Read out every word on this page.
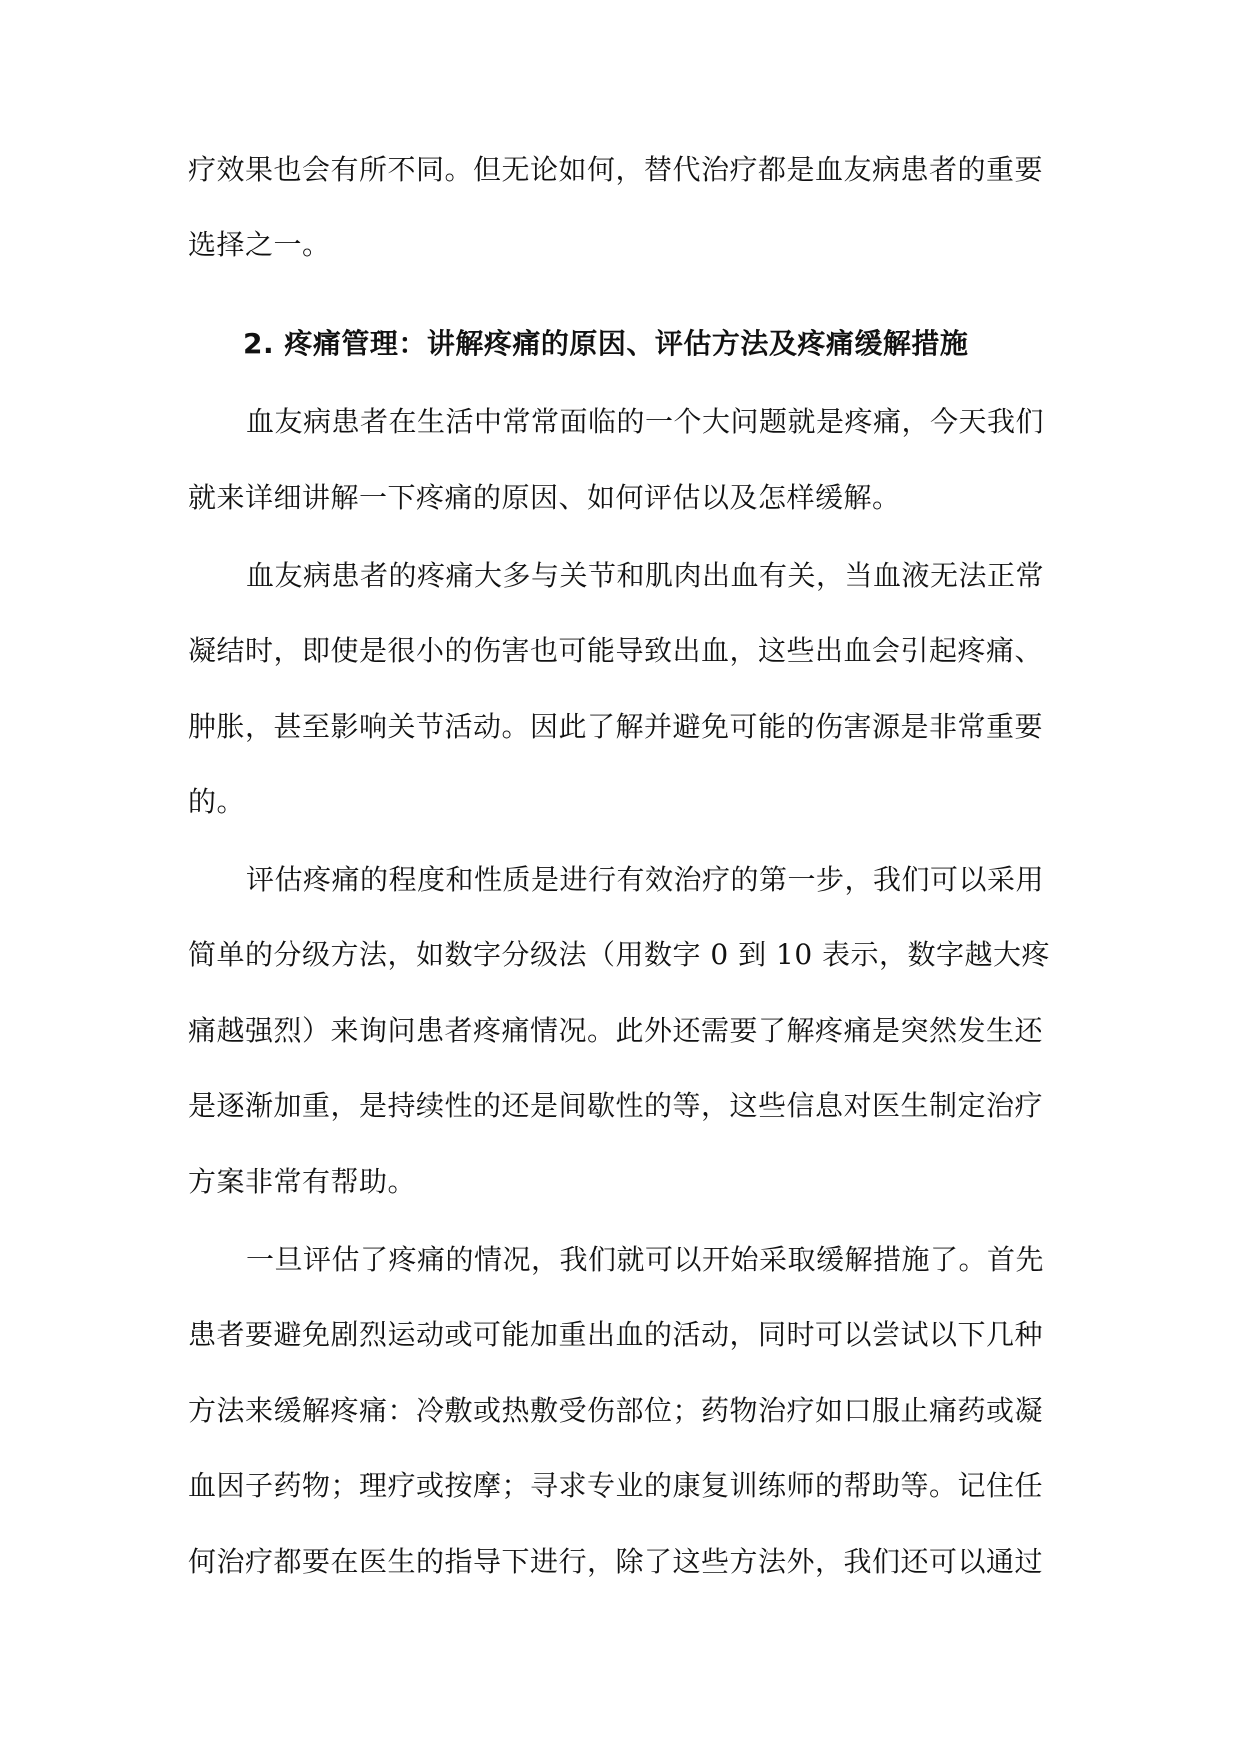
疗效果也会有所不同。但无论如何，替代治疗都是血友病患者的重要
选择之一。
2. 疼痛管理：讲解疼痛的原因、评估方法及疼痛缓解措施
血友病患者在生活中常常面临的一个大问题就是疼痛，今天我们
就来详细讲解一下疼痛的原因、如何评估以及怎样缓解。
血友病患者的疼痛大多与关节和肌肉出血有关，当血液无法正常
凝结时，即使是很小的伤害也可能导致出血，这些出血会引起疼痛、
肿胀，甚至影响关节活动。因此了解并避免可能的伤害源是非常重要
的。
评估疼痛的程度和性质是进行有效治疗的第一步，我们可以采用
简单的分级方法，如数字分级法（用数字 0 到 10 表示，数字越大疼
痛越强烈）来询问患者疼痛情况。此外还需要了解疼痛是突然发生还
是逐渐加重，是持续性的还是间歇性的等，这些信息对医生制定治疗
方案非常有帮助。
一旦评估了疼痛的情况，我们就可以开始采取缓解措施了。首先
患者要避免剧烈运动或可能加重出血的活动，同时可以尝试以下几种
方法来缓解疼痛：冷敷或热敷受伤部位；药物治疗如口服止痛药或凝
血因子药物；理疗或按摩；寻求专业的康复训练师的帮助等。记住任
何治疗都要在医生的指导下进行，除了这些方法外，我们还可以通过
